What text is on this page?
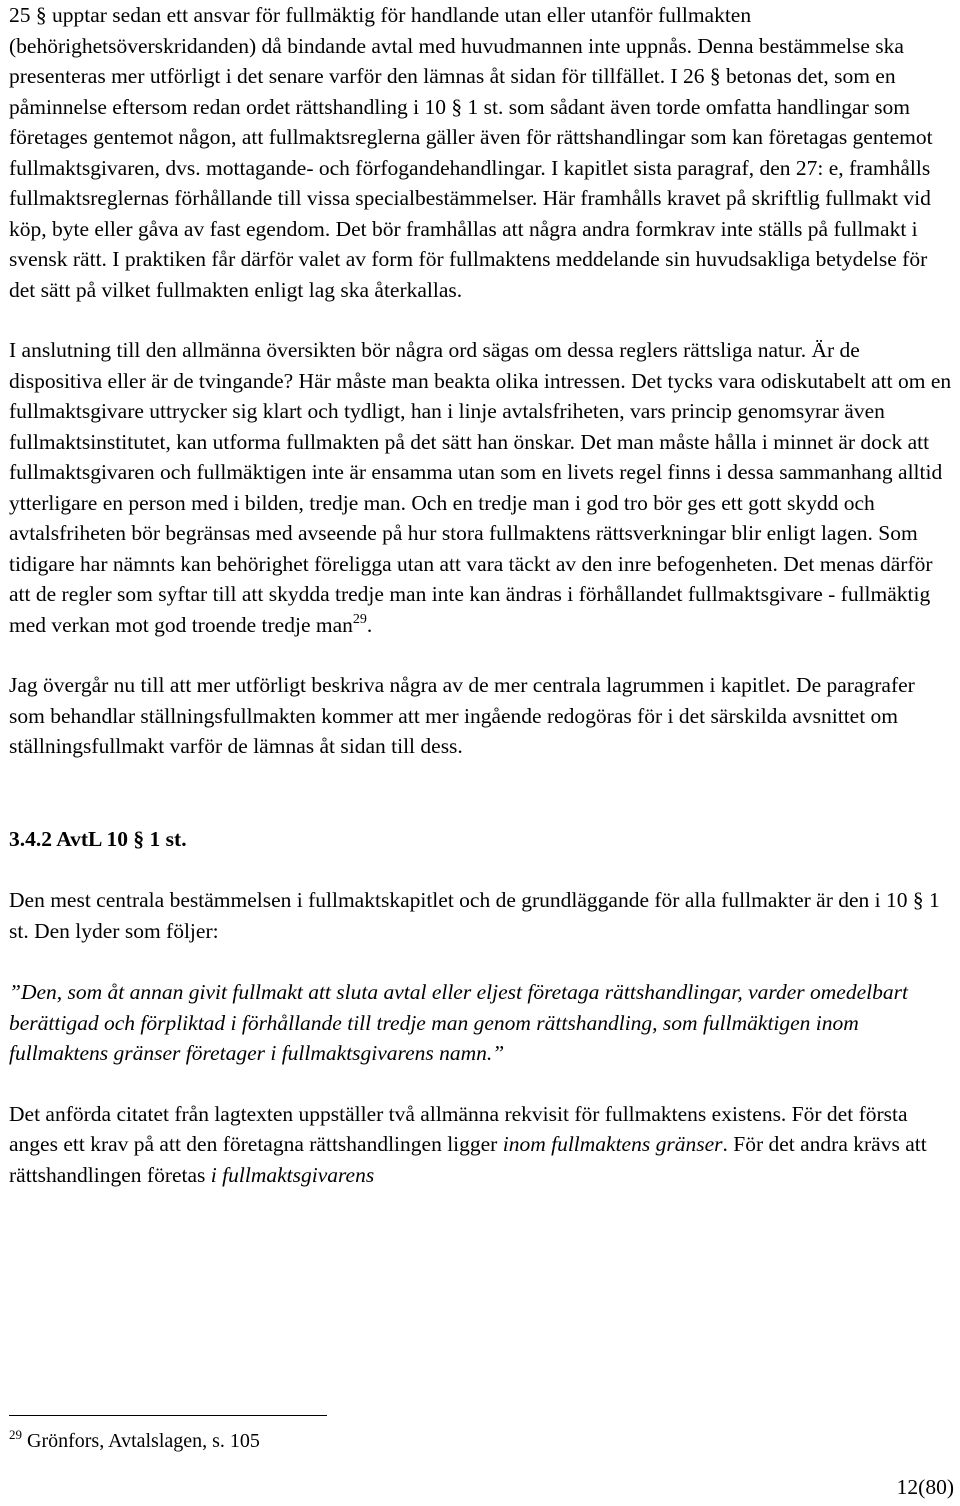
25 § upptar sedan ett ansvar för fullmäktig för handlande utan eller utanför fullmakten (behörighetsöverskridanden) då bindande avtal med huvudmannen inte uppnås. Denna bestämmelse ska presenteras mer utförligt i det senare varför den lämnas åt sidan för tillfället. I 26 § betonas det, som en påminnelse eftersom redan ordet rättshandling i 10 § 1 st. som sådant även torde omfatta handlingar som företages gentemot någon, att fullmaktsreglerna gäller även för rättshandlingar som kan företagas gentemot fullmaktsgivaren, dvs. mottagande- och förfogandehandlingar. I kapitlet sista paragraf, den 27: e, framhålls fullmaktsreglernas förhållande till vissa specialbestämmelser. Här framhålls kravet på skriftlig fullmakt vid köp, byte eller gåva av fast egendom. Det bör framhållas att några andra formkrav inte ställs på fullmakt i svensk rätt. I praktiken får därför valet av form för fullmaktens meddelande sin huvudsakliga betydelse för det sätt på vilket fullmakten enligt lag ska återkallas.

I anslutning till den allmänna översikten bör några ord sägas om dessa reglers rättsliga natur. Är de dispositiva eller är de tvingande? Här måste man beakta olika intressen. Det tycks vara odiskutabelt att om en fullmaktsgivare uttrycker sig klart och tydligt, han i linje avtalsfriheten, vars princip genomsyrar även fullmaktsinstitutet, kan utforma fullmakten på det sätt han önskar. Det man måste hålla i minnet är dock att fullmaktsgivaren och fullmäktigen inte är ensamma utan som en livets regel finns i dessa sammanhang alltid ytterligare en person med i bilden, tredje man. Och en tredje man i god tro bör ges ett gott skydd och avtalsfriheten bör begränsas med avseende på hur stora fullmaktens rättsverkningar blir enligt lagen. Som tidigare har nämnts kan behörighet föreligga utan att vara täckt av den inre befogenheten. Det menas därför att de regler som syftar till att skydda tredje man inte kan ändras i förhållandet fullmaktsgivare - fullmäktig med verkan mot god troende tredje man$^{29}$.

Jag övergår nu till att mer utförligt beskriva några av de mer centrala lagrummen i kapitlet. De paragrafer som behandlar ställningsfullmakten kommer att mer ingående redogöras för i det särskilda avsnittet om ställningsfullmakt varför de lämnas åt sidan till dess.

3.4.2 AvtL 10 § 1 st.

Den mest centrala bestämmelsen i fullmaktskapitlet och de grundläggande för alla fullmakter är den i 10 § 1 st. Den lyder som följer:

”Den, som åt annan givit fullmakt att sluta avtal eller eljest företaga rättshandlingar, varder omedelbart berättigad och förpliktad i förhållande till tredje man genom rättshandling, som fullmäktigen inom fullmaktens gränser företager i fullmaktsgivarens namn.”

Det anförda citatet från lagtexten uppställer två allmänna rekvisit för fullmaktens existens. För det första anges ett krav på att den företagna rättshandlingen ligger inom fullmaktens gränser. För det andra krävs att rättshandlingen företas i fullmaktsgivarens

$^{29}$ Grönfors, Avtalslagen, s. 105
12(80)
